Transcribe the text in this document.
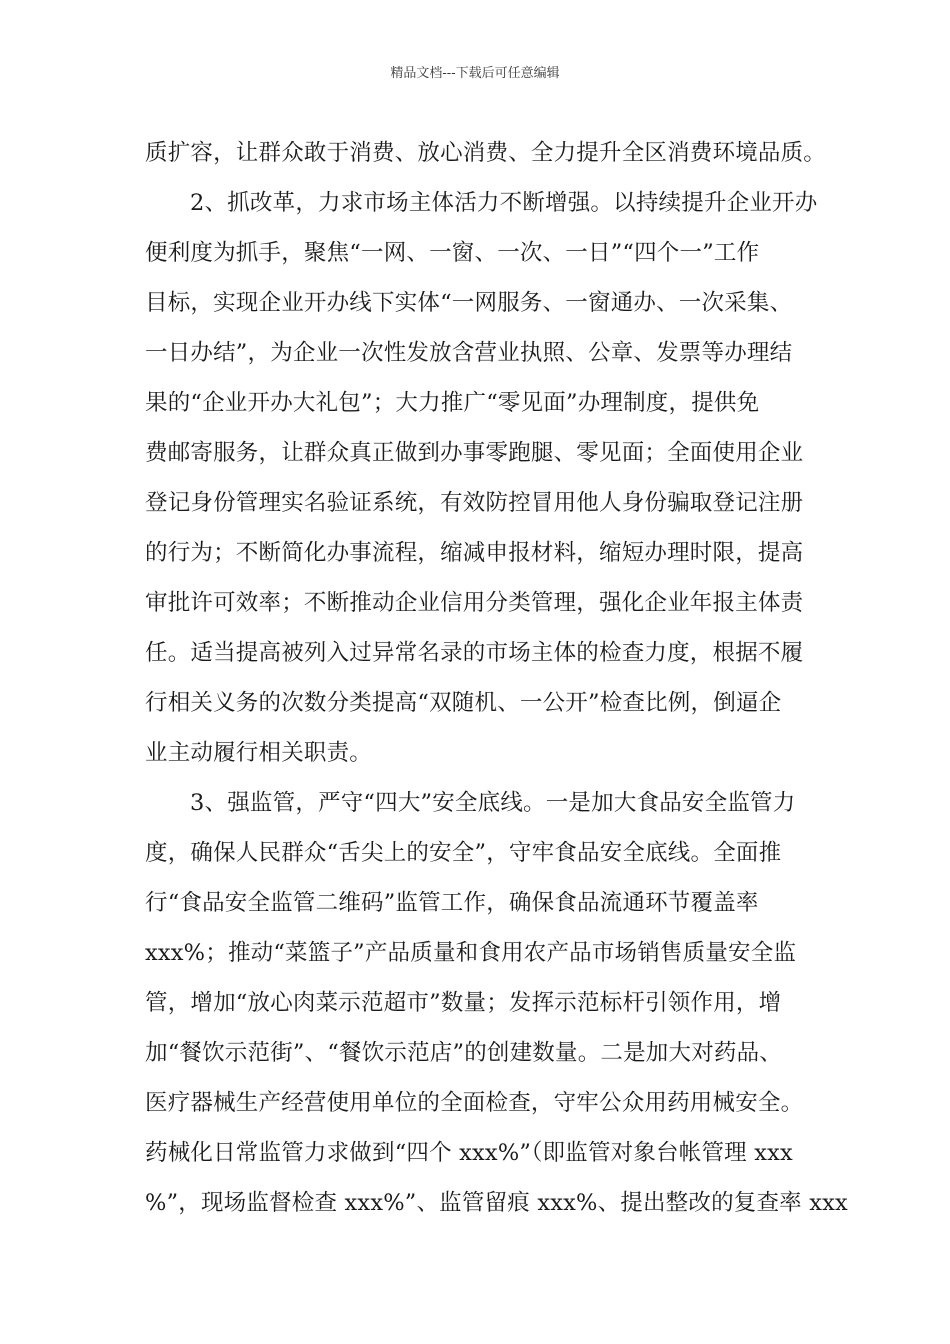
精品文档---下载后可任意编辑
质扩容，让群众敢于消费、放心消费、全力提升全区消费环境品质。
2、抓改革，力求市场主体活力不断增强。以持续提升企业开办
便利度为抓手，聚焦“一网、一窗、一次、一日”“四个一”工作
目标，实现企业开办线下实体“一网服务、一窗通办、一次采集、
一日办结”，为企业一次性发放含营业执照、公章、发票等办理结
果的“企业开办大礼包”；大力推广“零见面”办理制度，提供免
费邮寄服务，让群众真正做到办事零跑腿、零见面；全面使用企业
登记身份管理实名验证系统，有效防控冒用他人身份骗取登记注册
的行为；不断简化办事流程，缩减申报材料，缩短办理时限，提高
审批许可效率；不断推动企业信用分类管理，强化企业年报主体责
任。适当提高被列入过异常名录的市场主体的检查力度，根据不履
行相关义务的次数分类提高“双随机、一公开”检查比例，倒逼企
业主动履行相关职责。
3、强监管，严守“四大”安全底线。一是加大食品安全监管力
度，确保人民群众“舌尖上的安全”，守牢食品安全底线。全面推
行“食品安全监管二维码”监管工作，确保食品流通环节覆盖率
xxx%；推动“菜篮子”产品质量和食用农产品市场销售质量安全监
管，增加“放心肉菜示范超市”数量；发挥示范标杆引领作用，增
加“餐饮示范街”、“餐饮示范店”的创建数量。二是加大对药品、
医疗器械生产经营使用单位的全面检查，守牢公众用药用械安全。
药械化日常监管力求做到“四个 xxx%”（即监管对象台帐管理 xxx
%”，现场监督检查 xxx%”、监管留痕 xxx%、提出整改的复查率 xxx
